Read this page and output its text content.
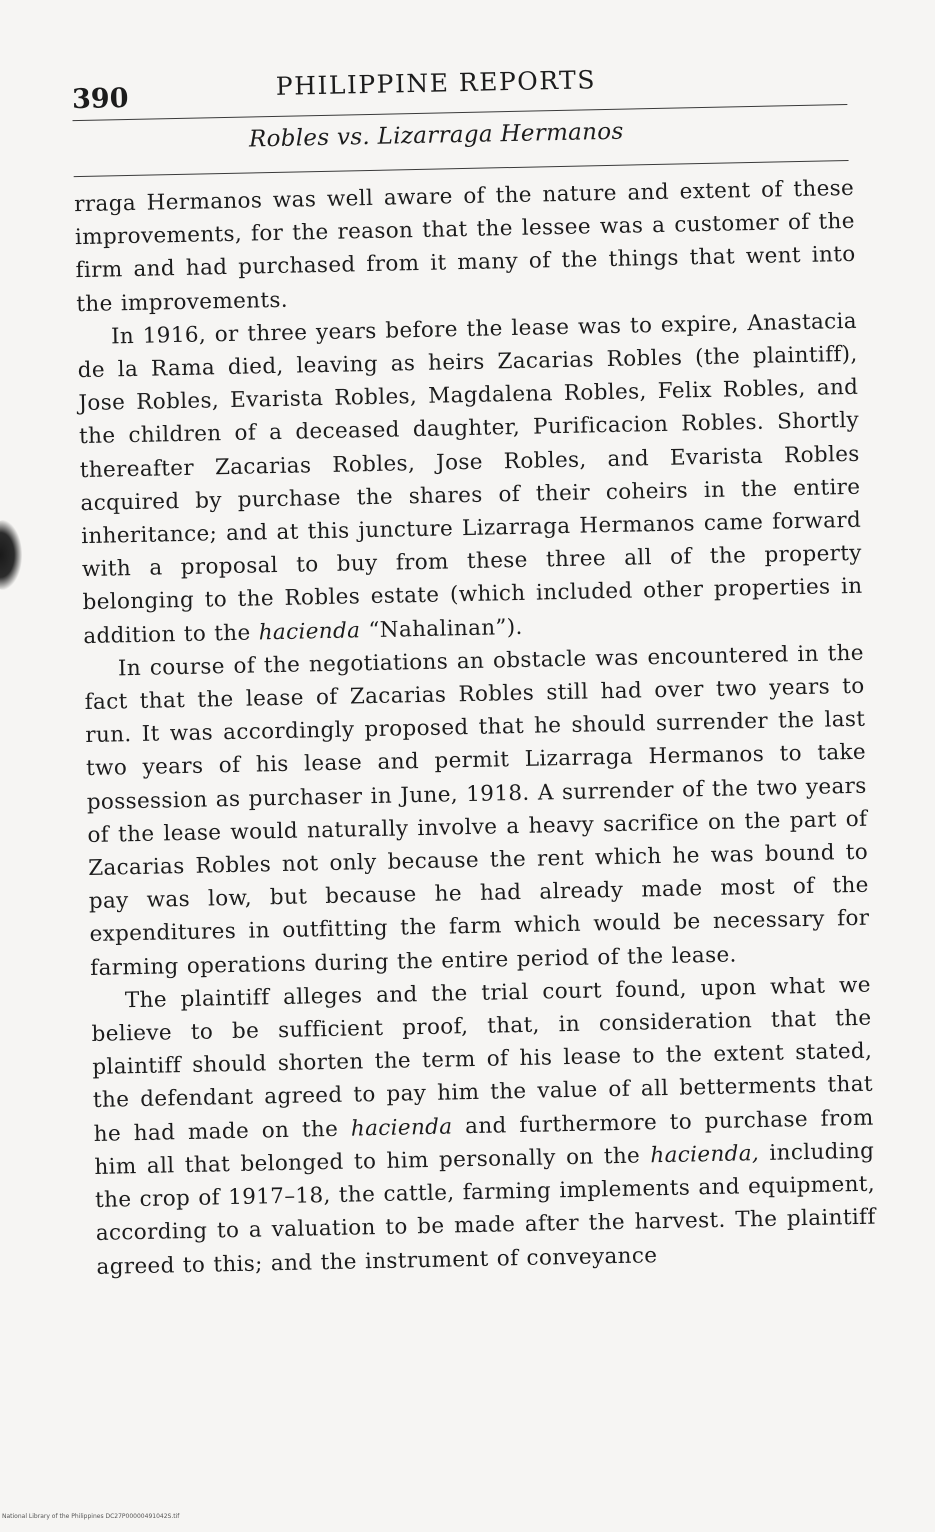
390	PHILIPPINE REPORTS
Robles vs. Lizarraga Hermanos

rraga Hermanos was well aware of the nature and extent of these improvements, for the reason that the lessee was a customer of the firm and had purchased from it many of the things that went into the improvements.

In 1916, or three years before the lease was to expire, Anastacia de la Rama died, leaving as heirs Zacarias Robles (the plaintiff), Jose Robles, Evarista Robles, Magdalena Robles, Felix Robles, and the children of a deceased daughter, Purificacion Robles. Shortly thereafter Zacarias Robles, Jose Robles, and Evarista Robles acquired by purchase the shares of their coheirs in the entire inheritance; and at this juncture Lizarraga Hermanos came forward with a proposal to buy from these three all of the property belonging to the Robles estate (which included other properties in addition to the hacienda “Nahalinan”).

In course of the negotiations an obstacle was encountered in the fact that the lease of Zacarias Robles still had over two years to run. It was accordingly proposed that he should surrender the last two years of his lease and permit Lizarraga Hermanos to take possession as purchaser in June, 1918. A surrender of the two years of the lease would naturally involve a heavy sacrifice on the part of Zacarias Robles not only because the rent which he was bound to pay was low, but because he had already made most of the expenditures in outfitting the farm which would be necessary for farming operations during the entire period of the lease.

The plaintiff alleges and the trial court found, upon what we believe to be sufficient proof, that, in consideration that the plaintiff should shorten the term of his lease to the extent stated, the defendant agreed to pay him the value of all betterments that he had made on the hacienda and furthermore to purchase from him all that belonged to him personally on the hacienda, including the crop of 1917–18, the cattle, farming implements and equipment, according to a valuation to be made after the harvest. The plaintiff agreed to this; and the instrument of conveyance

National Library of the Philippines DC27P00000491042S.tif
